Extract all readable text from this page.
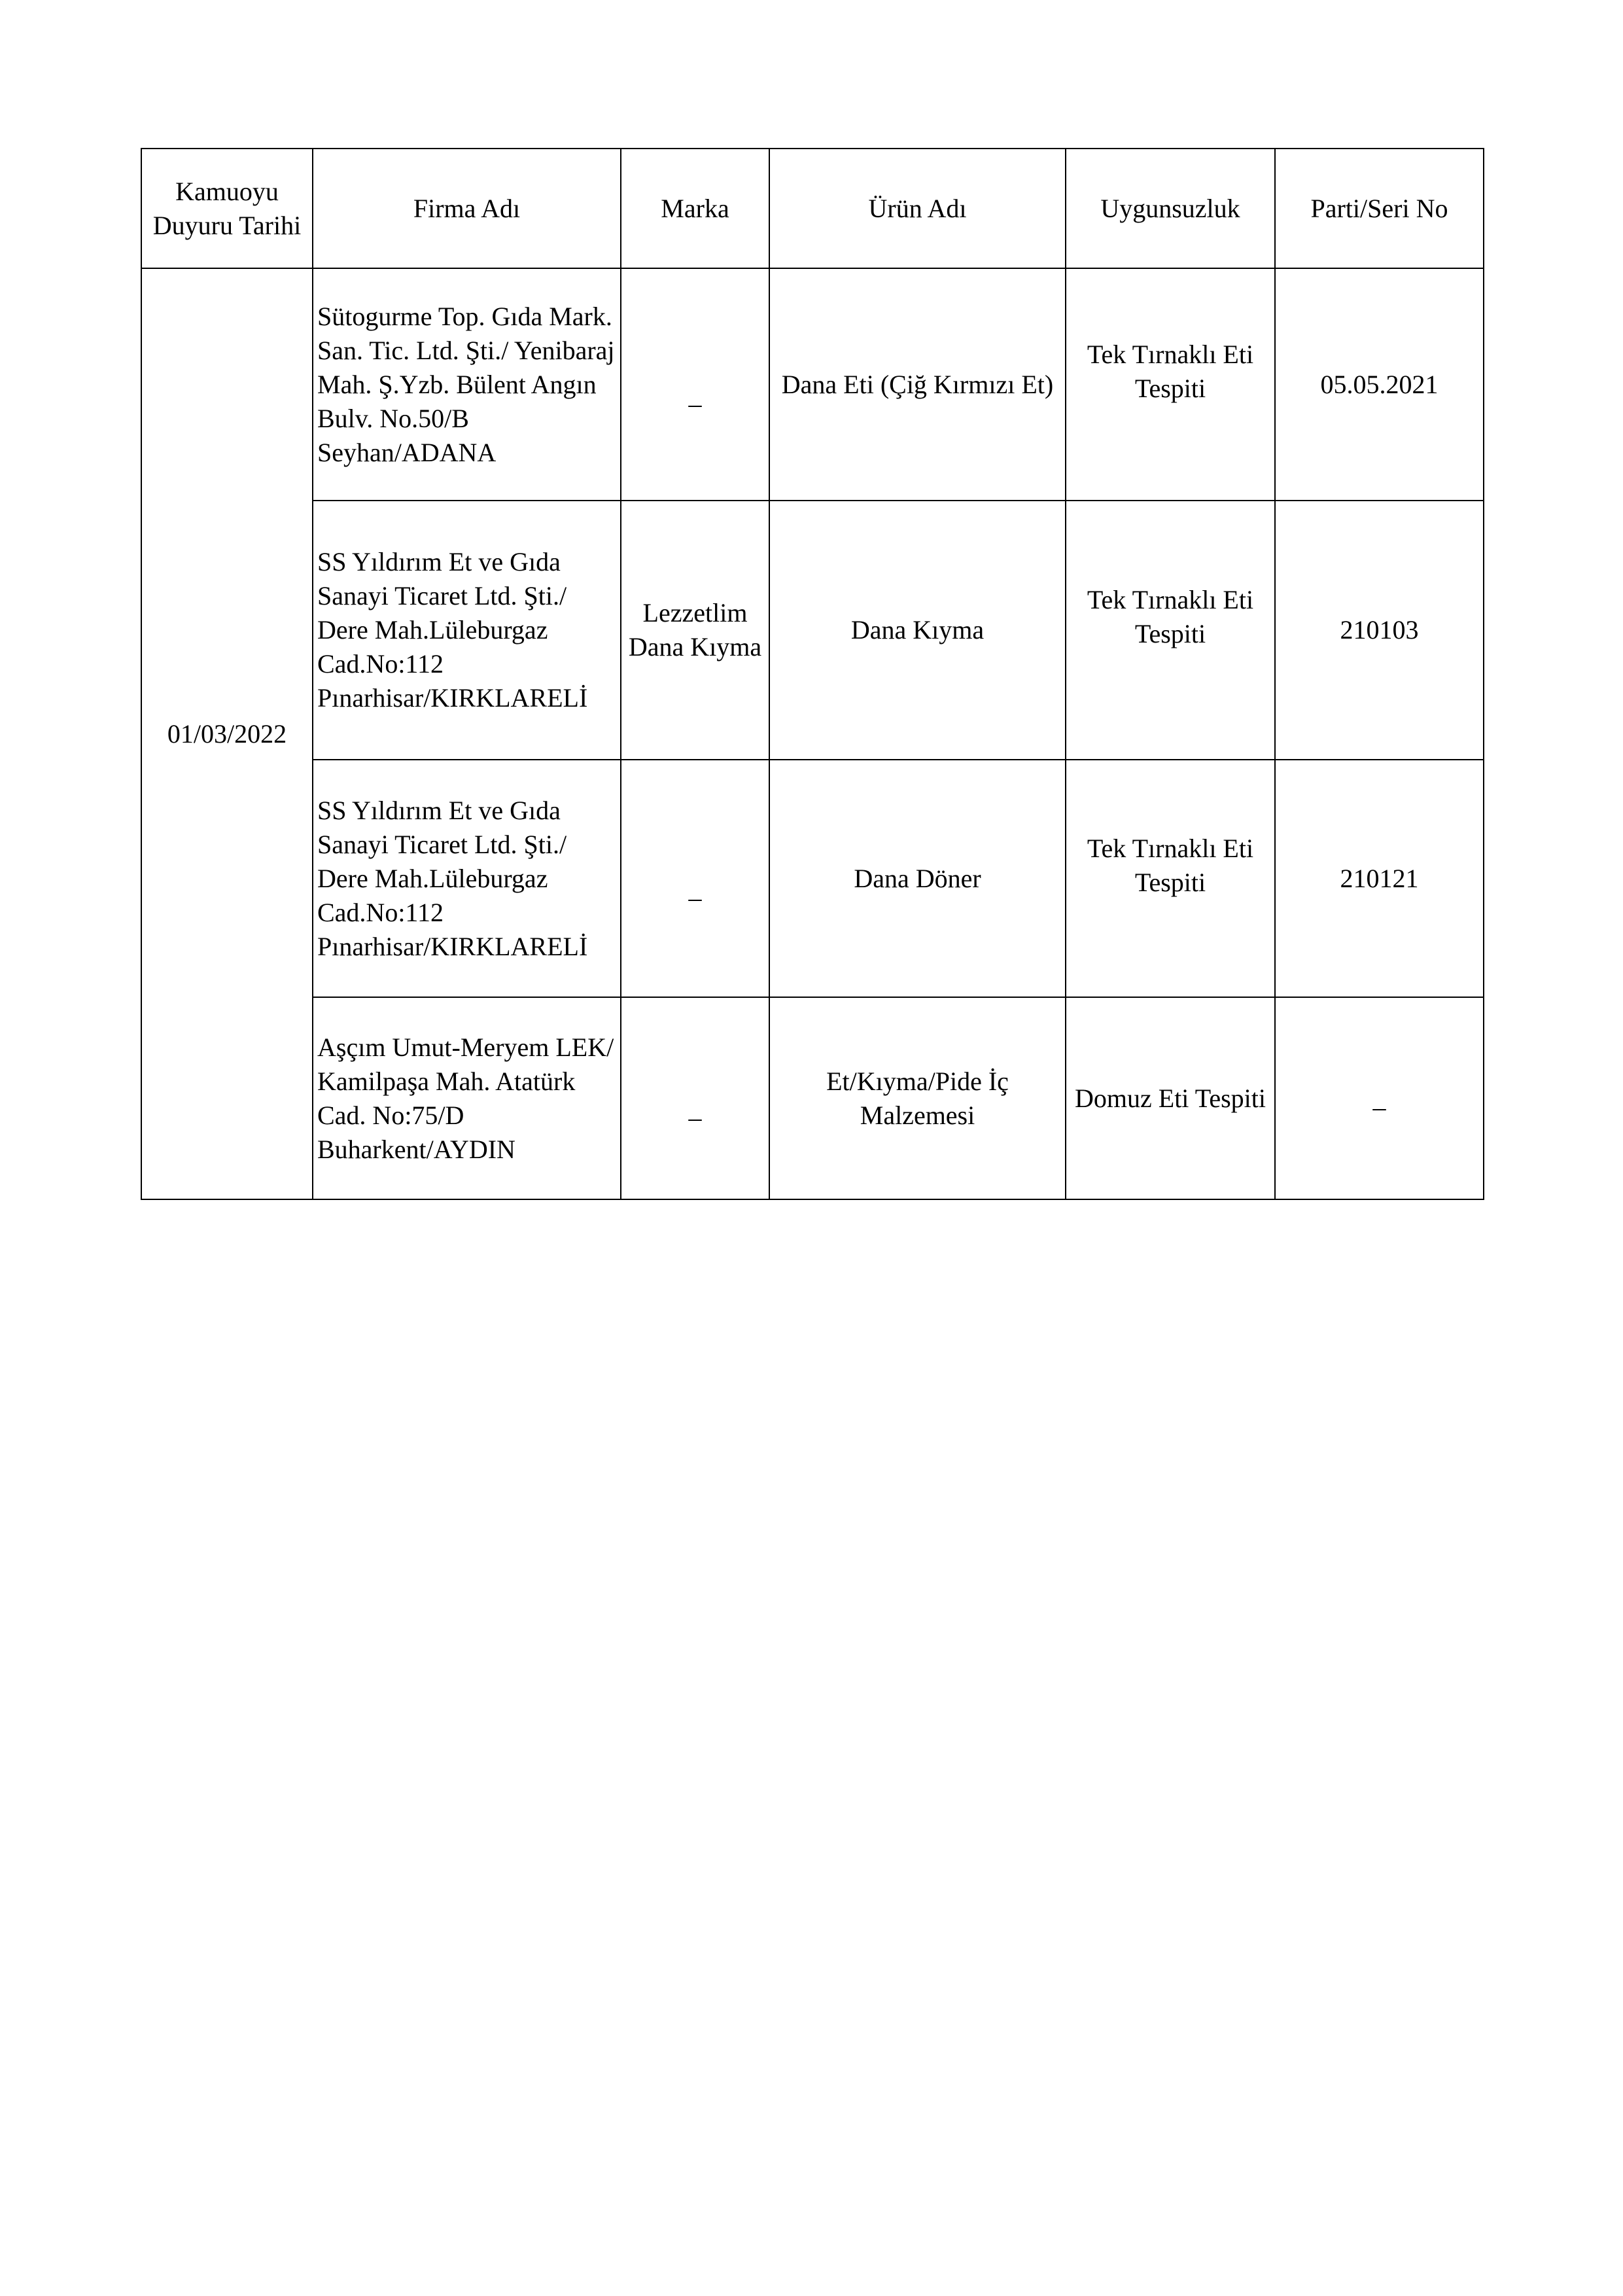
Kamuoyu Duyuru Tarihi	Firma Adı	Marka	Ürün Adı	Uygunsuzluk	Parti/Seri No
01/03/2022	Sütogurme Top. Gıda Mark. San. Tic. Ltd. Şti./ Yenibaraj Mah. Ş.Yzb. Bülent Angın Bulv. No.50/B Seyhan/ADANA	_	Dana Eti (Çiğ Kırmızı Et)	Tek Tırnaklı Eti Tespiti	05.05.2021
	SS Yıldırım Et ve Gıda Sanayi Ticaret Ltd. Şti./ Dere Mah.Lüleburgaz Cad.No:112 Pınarhisar/KIRKLARELİ	Lezzetlim Dana Kıyma	Dana Kıyma	Tek Tırnaklı Eti Tespiti	210103
	SS Yıldırım Et ve Gıda Sanayi Ticaret Ltd. Şti./ Dere Mah.Lüleburgaz Cad.No:112 Pınarhisar/KIRKLARELİ	_	Dana Döner	Tek Tırnaklı Eti Tespiti	210121
	Aşçım Umut-Meryem LEK/ Kamilpaşa Mah. Atatürk Cad. No:75/D Buharkent/AYDIN	_	Et/Kıyma/Pide İç Malzemesi	Domuz Eti Tespiti	_
